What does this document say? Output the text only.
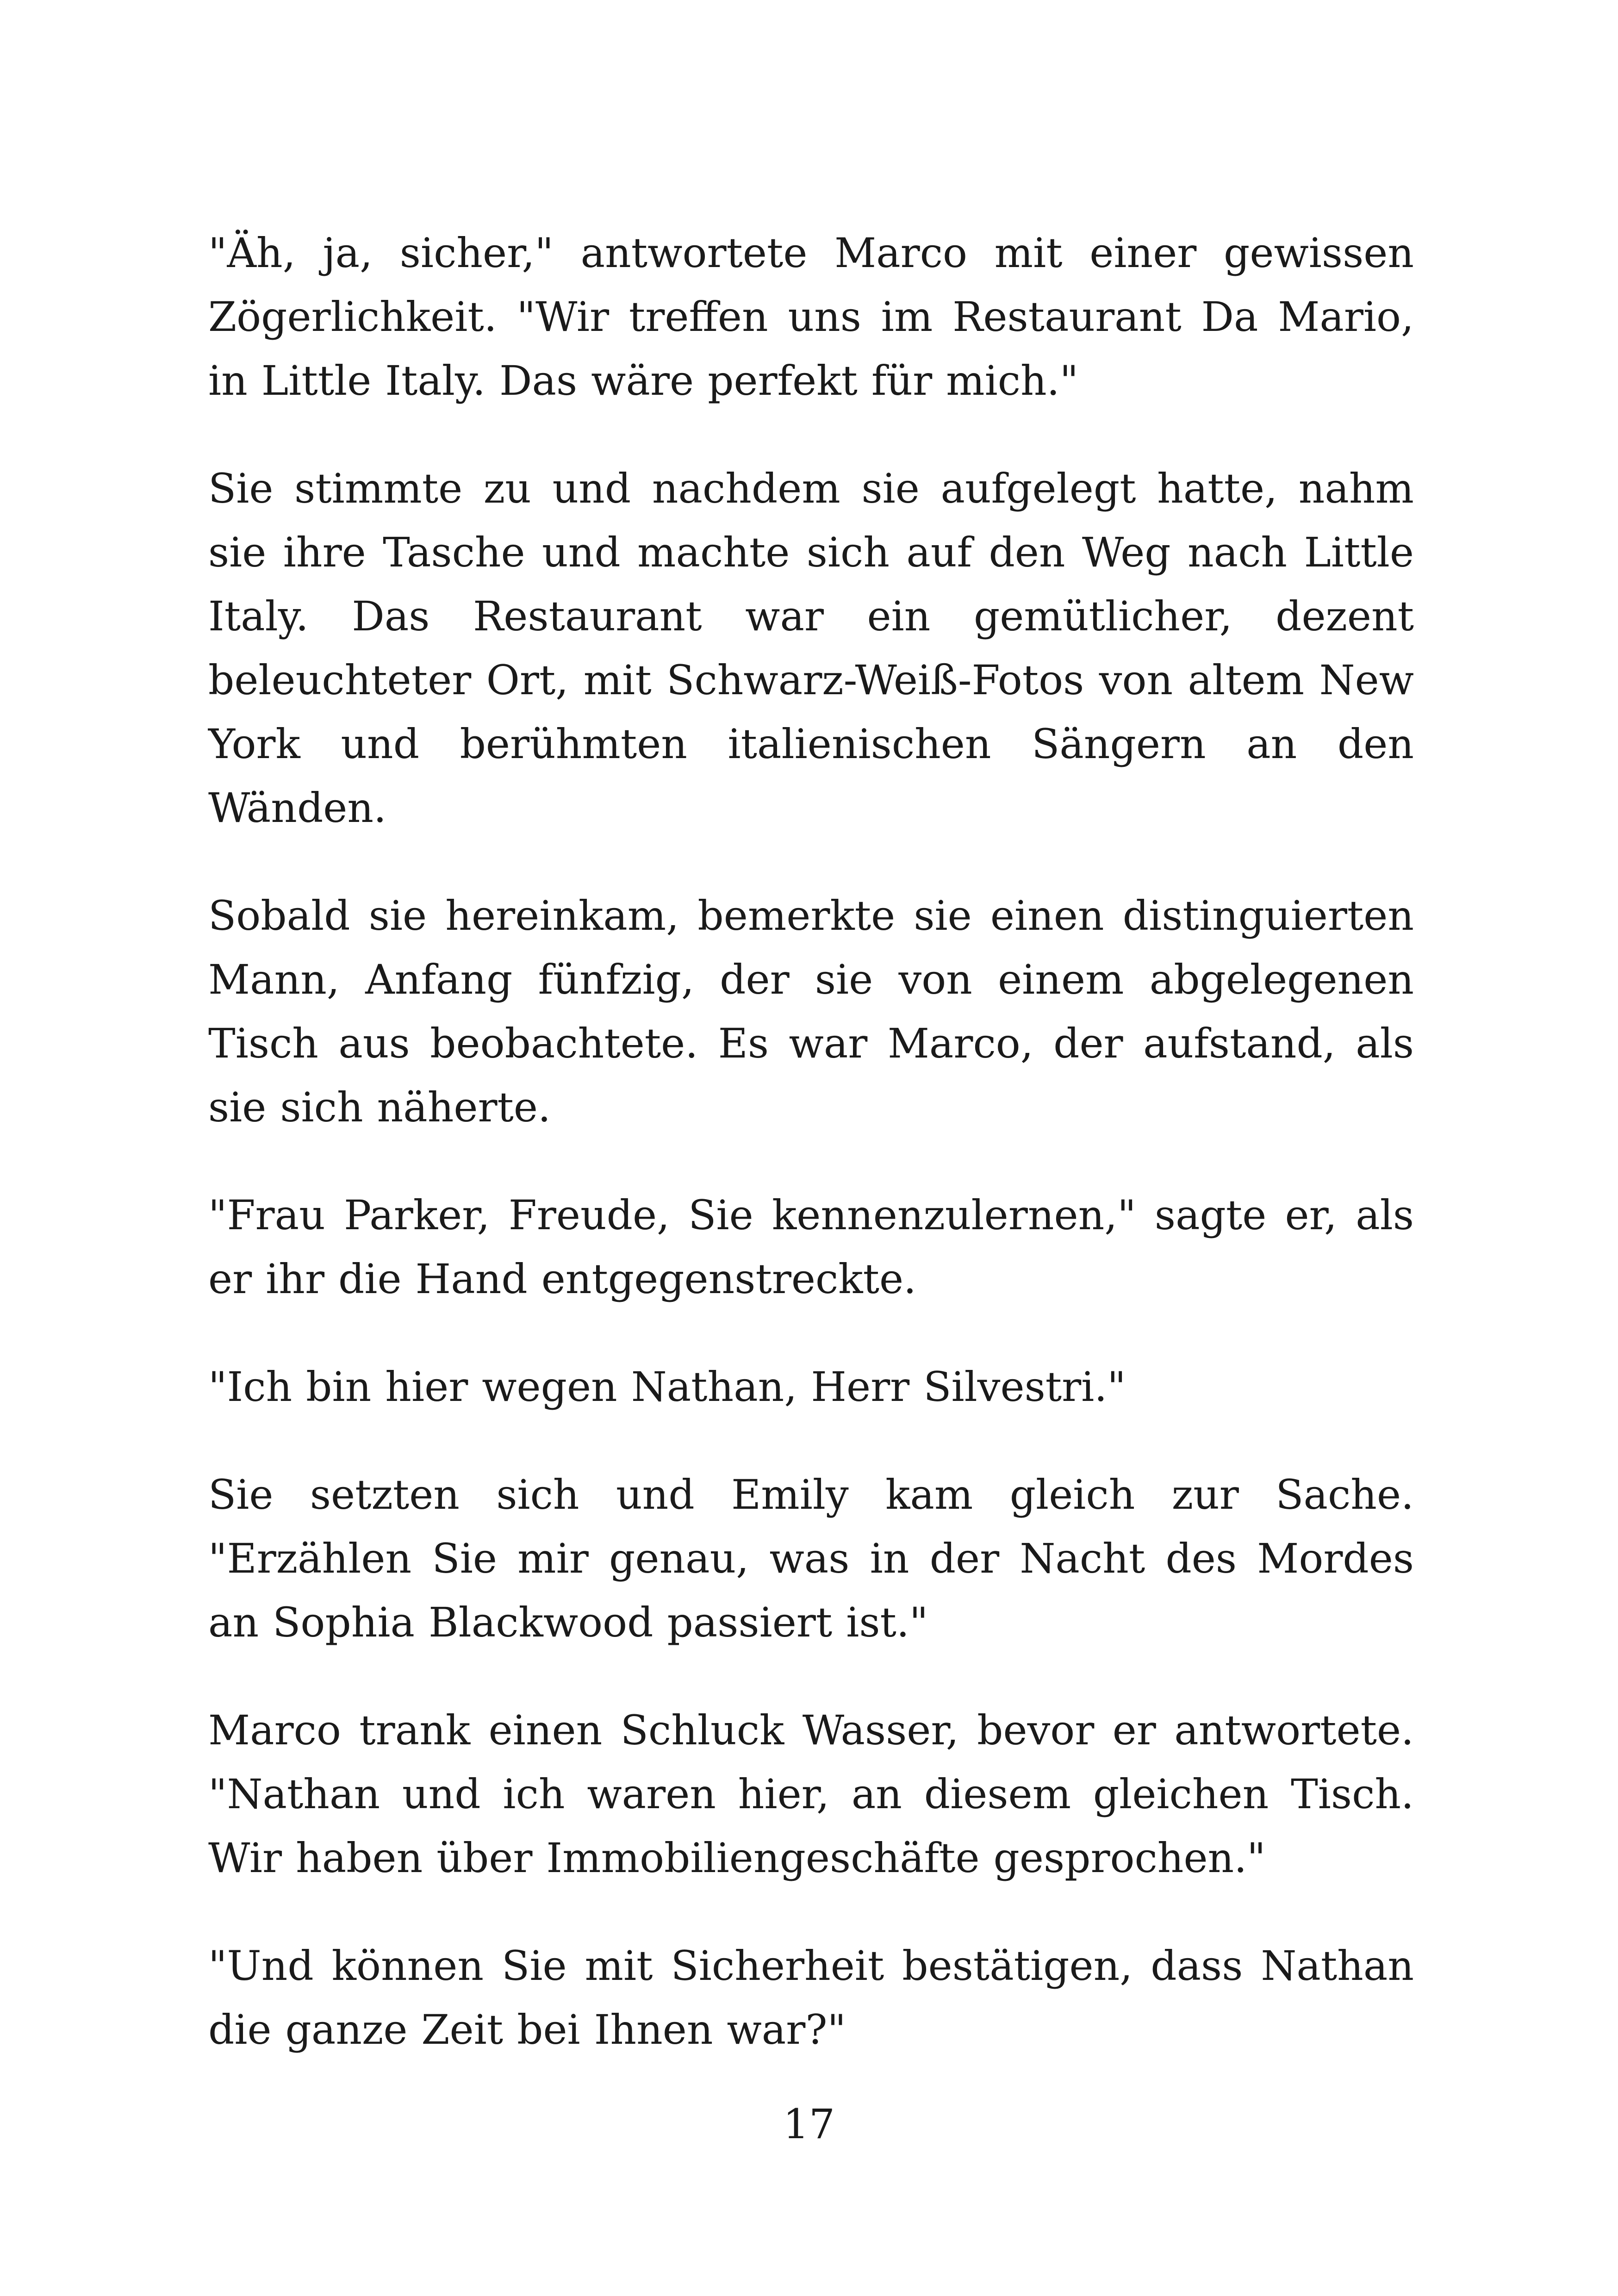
"Äh, ja, sicher," antwortete Marco mit einer gewissen Zögerlichkeit. "Wir treffen uns im Restaurant Da Mario, in Little Italy. Das wäre perfekt für mich."

Sie stimmte zu und nachdem sie aufgelegt hatte, nahm sie ihre Tasche und machte sich auf den Weg nach Little Italy. Das Restaurant war ein gemütlicher, dezent beleuchteter Ort, mit Schwarz-Weiß-Fotos von altem New York und berühmten italienischen Sängern an den Wänden.

Sobald sie hereinkam, bemerkte sie einen distinguierten Mann, Anfang fünfzig, der sie von einem abgelegenen Tisch aus beobachtete. Es war Marco, der aufstand, als sie sich näherte.

"Frau Parker, Freude, Sie kennenzulernen," sagte er, als er ihr die Hand entgegenstreckte.

"Ich bin hier wegen Nathan, Herr Silvestri."

Sie setzten sich und Emily kam gleich zur Sache. "Erzählen Sie mir genau, was in der Nacht des Mordes an Sophia Blackwood passiert ist."

Marco trank einen Schluck Wasser, bevor er antwortete. "Nathan und ich waren hier, an diesem gleichen Tisch. Wir haben über Immobiliengeschäfte gesprochen."

"Und können Sie mit Sicherheit bestätigen, dass Nathan die ganze Zeit bei Ihnen war?"

17
